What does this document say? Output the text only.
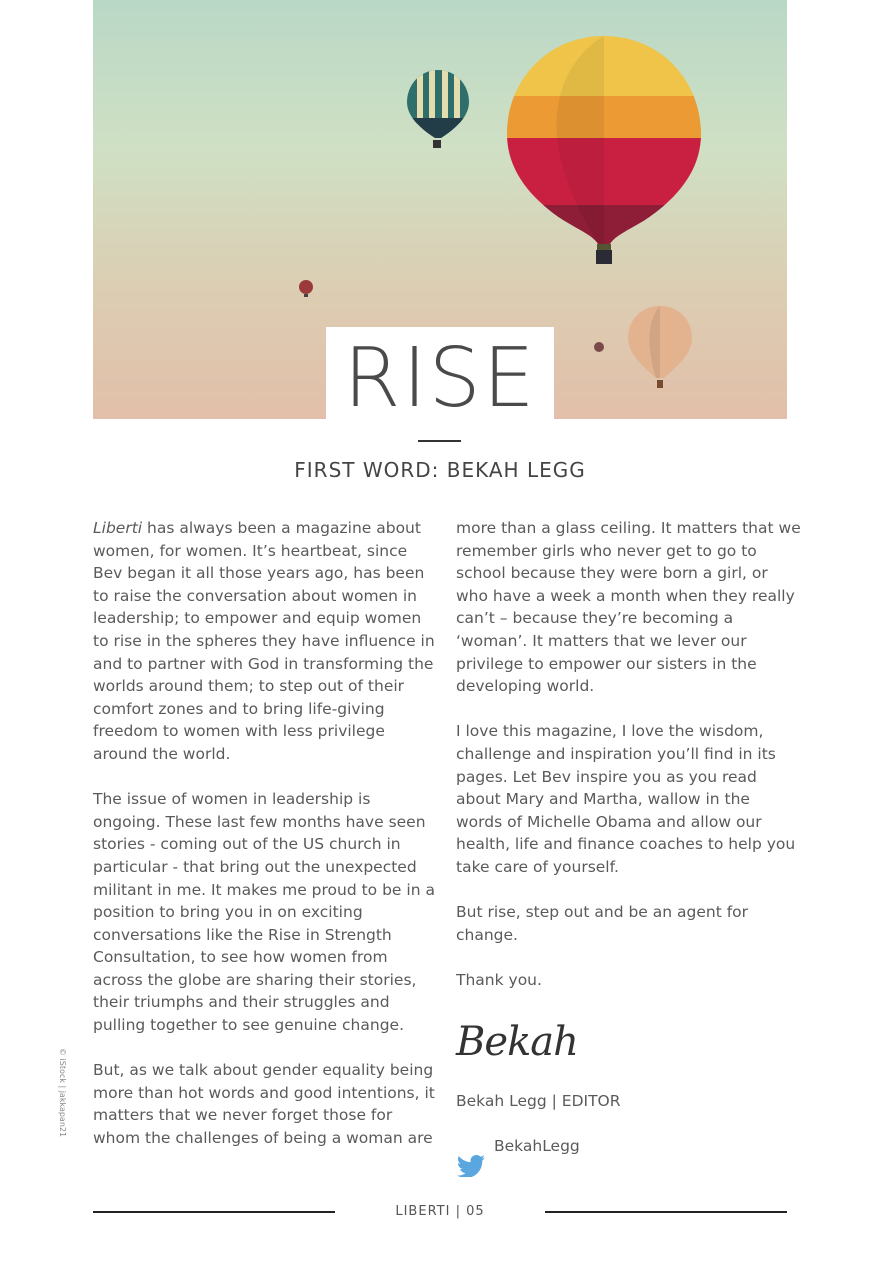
RISE
FIRST WORD: BEKAH LEGG

Liberti has always been a magazine about women, for women. It’s heartbeat, since Bev began it all those years ago, has been to raise the conversation about women in leadership; to empower and equip women to rise in the spheres they have influence in and to partner with God in transforming the worlds around them; to step out of their comfort zones and to bring life-giving freedom to women with less privilege around the world.

The issue of women in leadership is ongoing. These last few months have seen stories - coming out of the US church in particular - that bring out the unexpected militant in me. It makes me proud to be in a position to bring you in on exciting conversations like the Rise in Strength Consultation, to see how women from across the globe are sharing their stories, their triumphs and their struggles and pulling together to see genuine change.

But, as we talk about gender equality being more than hot words and good intentions, it matters that we never forget those for whom the challenges of being a woman are

more than a glass ceiling. It matters that we remember girls who never get to go to school because they were born a girl, or who have a week a month when they really can’t – because they’re becoming a ‘woman’. It matters that we lever our privilege to empower our sisters in the developing world.

I love this magazine, I love the wisdom, challenge and inspiration you’ll find in its pages. Let Bev inspire you as you read about Mary and Martha, wallow in the words of Michelle Obama and allow our health, life and finance coaches to help you take care of yourself.

But rise, step out and be an agent for change.

Thank you.

Bekah

Bekah Legg | EDITOR

BekahLegg
© iStock | jakkapan21
LIBERTI | 05
